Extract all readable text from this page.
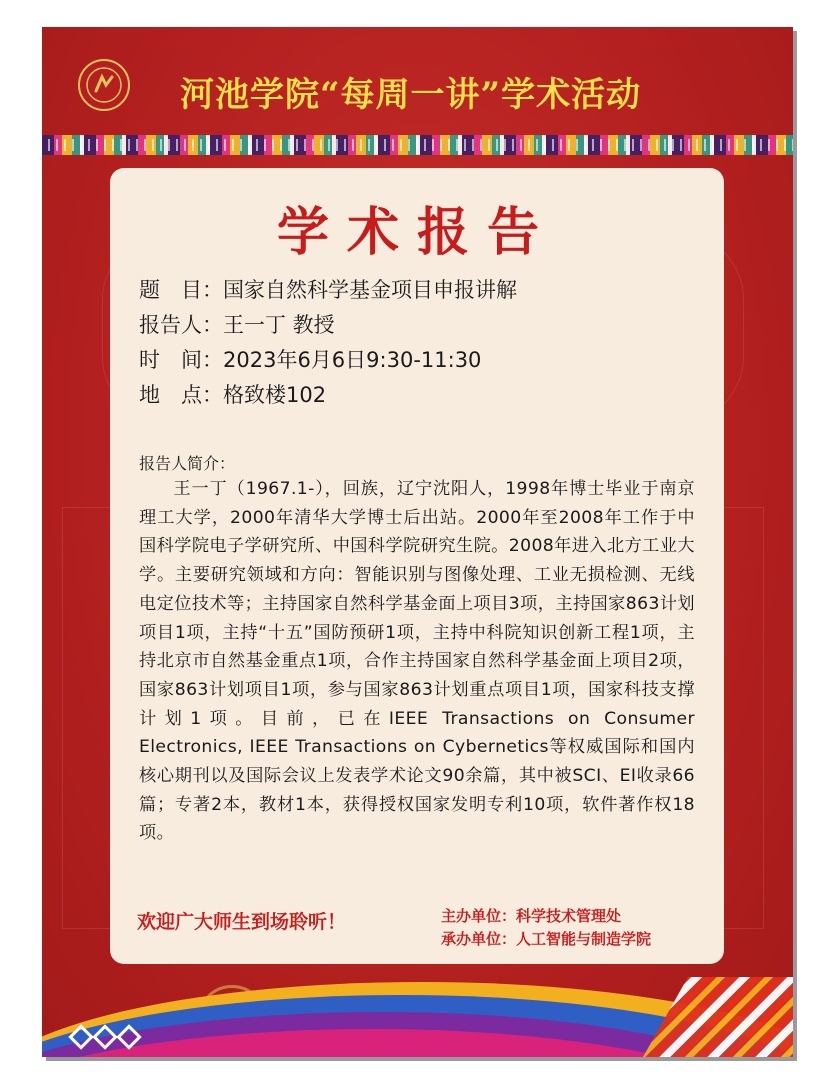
河池学院“每周一讲”学术活动
学术报告
题　目：国家自然科学基金项目申报讲解
报告人：王一丁 教授
时　间：2023年6月6日9:30-11:30
地　点：格致楼102
报告人简介：
王一丁（1967.1-），回族，辽宁沈阳人，1998年博士毕业于南京理工大学，2000年清华大学博士后出站。2000年至2008年工作于中国科学院电子学研究所、中国科学院研究生院。2008年进入北方工业大学。主要研究领域和方向：智能识别与图像处理、工业无损检测、无线电定位技术等；主持国家自然科学基金面上项目3项，主持国家863计划项目1项，主持“十五”国防预研1项，主持中科院知识创新工程1项，主持北京市自然基金重点1项，合作主持国家自然科学基金面上项目2项，国家863计划项目1项，参与国家863计划重点项目1项，国家科技支撑计划1项。目前，已在IEEE Transactions on Consumer Electronics, IEEE Transactions on Cybernetics等权威国际和国内核心期刊以及国际会议上发表学术论文90余篇，其中被SCI、EI收录66篇；专著2本，教材1本，获得授权国家发明专利10项，软件著作权18项。
欢迎广大师生到场聆听！	主办单位：科学技术管理处
承办单位：人工智能与制造学院
